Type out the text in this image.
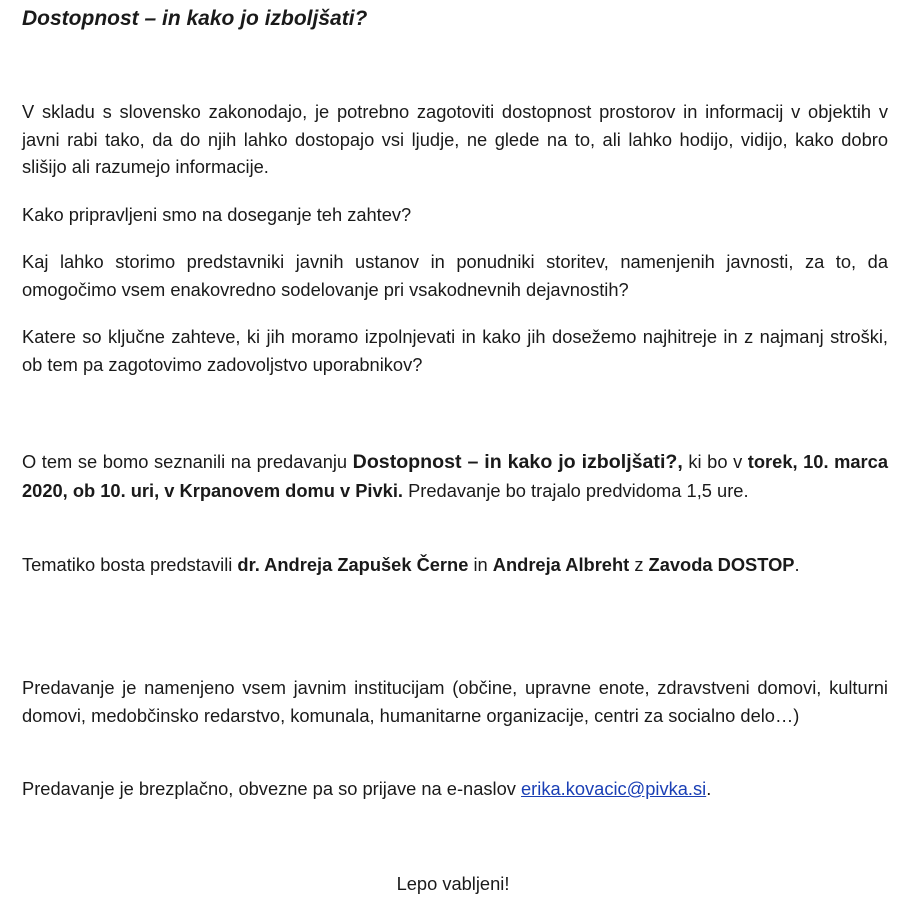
Dostopnost – in kako jo izboljšati?

V skladu s slovensko zakonodajo, je potrebno zagotoviti dostopnost prostorov in informacij v objektih v javni rabi tako, da do njih lahko dostopajo vsi ljudje, ne glede na to, ali lahko hodijo, vidijo, kako dobro slišijo ali razumejo informacije.

Kako pripravljeni smo na doseganje teh zahtev?

Kaj lahko storimo predstavniki javnih ustanov in ponudniki storitev, namenjenih javnosti, za to, da omogočimo vsem enakovredno sodelovanje pri vsakodnevnih dejavnostih?

Katere so ključne zahteve, ki jih moramo izpolnjevati in kako jih dosežemo najhitreje in z najmanj stroški, ob tem pa zagotovimo zadovoljstvo uporabnikov?

O tem se bomo seznanili na predavanju Dostopnost – in kako jo izboljšati?, ki bo v torek, 10. marca 2020, ob 10. uri, v Krpanovem domu v Pivki. Predavanje bo trajalo predvidoma 1,5 ure.

Tematiko bosta predstavili dr. Andreja Zapušek Černe in Andreja Albreht z Zavoda DOSTOP.

Predavanje je namenjeno vsem javnim institucijam (občine, upravne enote, zdravstveni domovi, kulturni domovi, medobčinsko redarstvo, komunala, humanitarne organizacije, centri za socialno delo…)

Predavanje je brezplačno, obvezne pa so prijave na e-naslov erika.kovacic@pivka.si.

Lepo vabljeni!
